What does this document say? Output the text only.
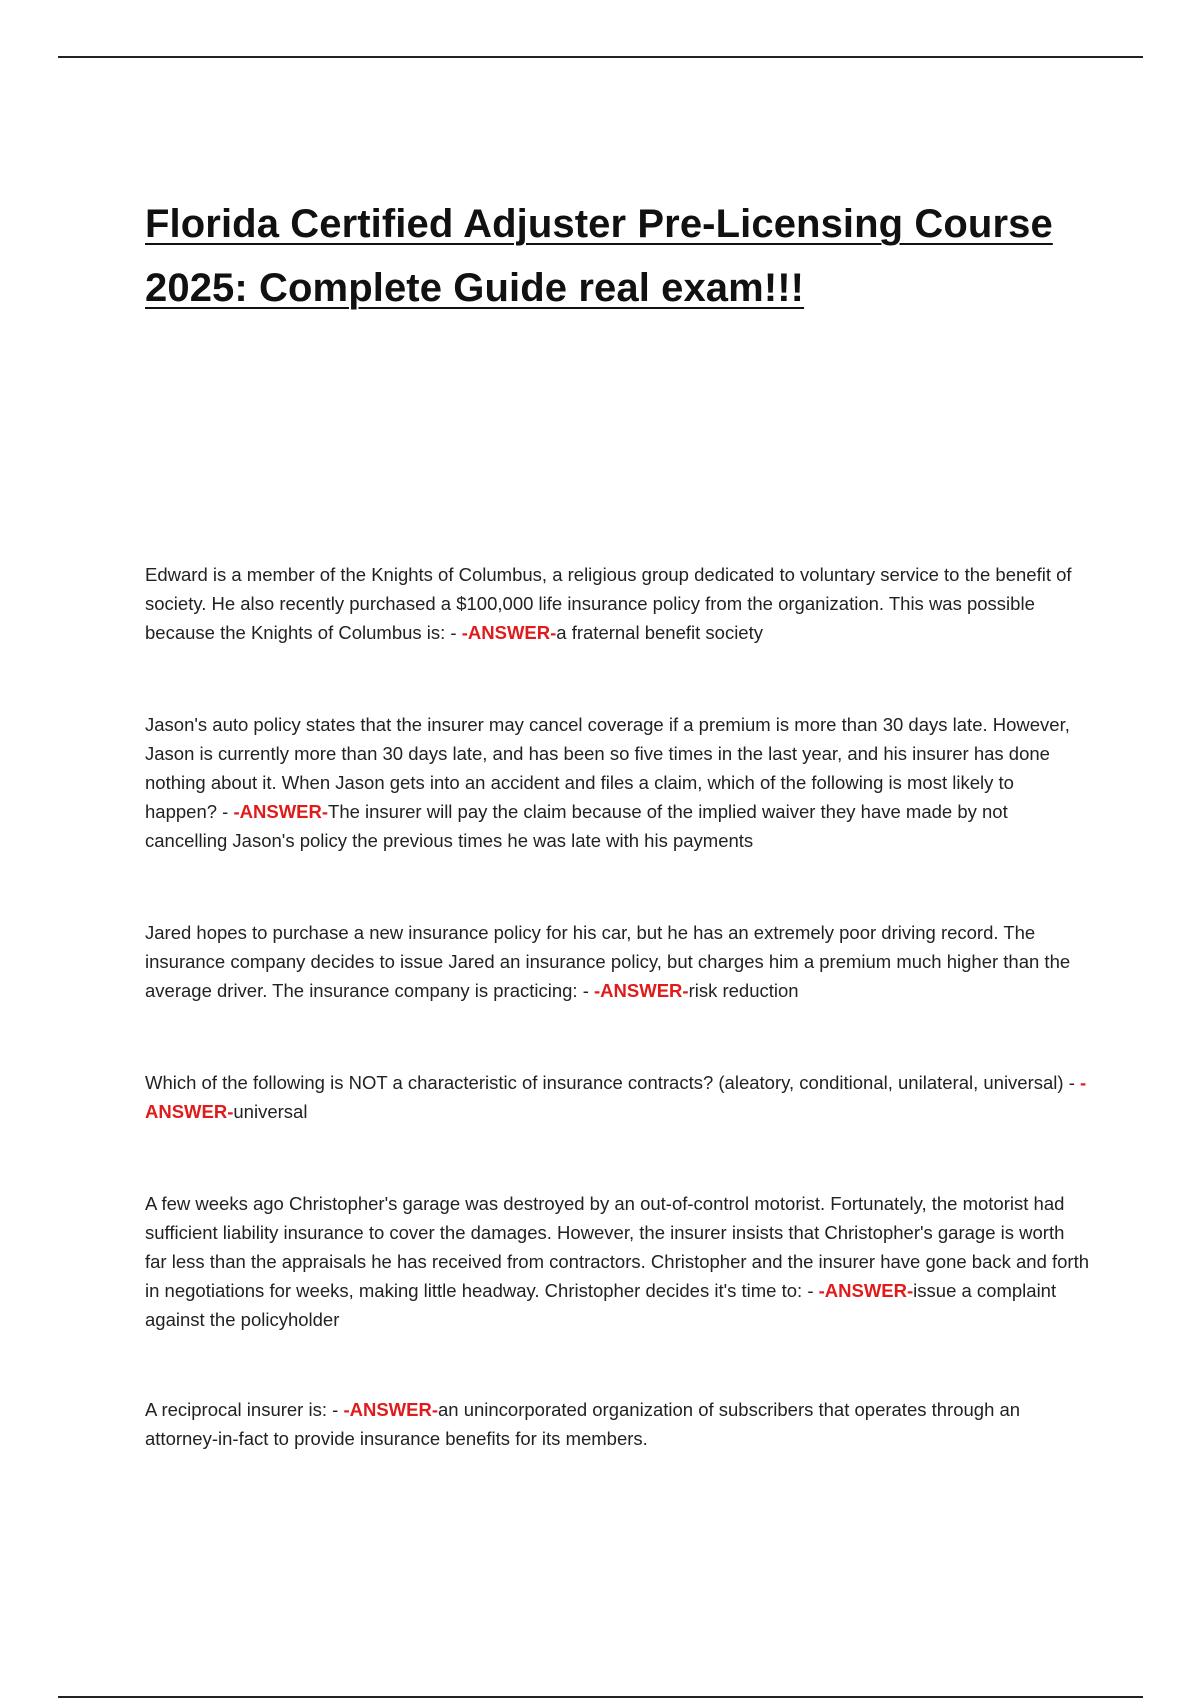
Florida Certified Adjuster Pre-Licensing Course 2025: Complete Guide real exam!!!

Edward is a member of the Knights of Columbus, a religious group dedicated to voluntary service to the benefit of society. He also recently purchased a $100,000 life insurance policy from the organization. This was possible because the Knights of Columbus is: - -ANSWER-a fraternal benefit society

Jason's auto policy states that the insurer may cancel coverage if a premium is more than 30 days late. However, Jason is currently more than 30 days late, and has been so five times in the last year, and his insurer has done nothing about it. When Jason gets into an accident and files a claim, which of the following is most likely to happen? - -ANSWER-The insurer will pay the claim because of the implied waiver they have made by not cancelling Jason's policy the previous times he was late with his payments

Jared hopes to purchase a new insurance policy for his car, but he has an extremely poor driving record. The insurance company decides to issue Jared an insurance policy, but charges him a premium much higher than the average driver. The insurance company is practicing: - -ANSWER-risk reduction

Which of the following is NOT a characteristic of insurance contracts? (aleatory, conditional, unilateral, universal) - -ANSWER-universal

A few weeks ago Christopher's garage was destroyed by an out-of-control motorist. Fortunately, the motorist had sufficient liability insurance to cover the damages. However, the insurer insists that Christopher's garage is worth far less than the appraisals he has received from contractors. Christopher and the insurer have gone back and forth in negotiations for weeks, making little headway. Christopher decides it's time to: - -ANSWER-issue a complaint against the policyholder

A reciprocal insurer is: - -ANSWER-an unincorporated organization of subscribers that operates through an attorney-in-fact to provide insurance benefits for its members.
